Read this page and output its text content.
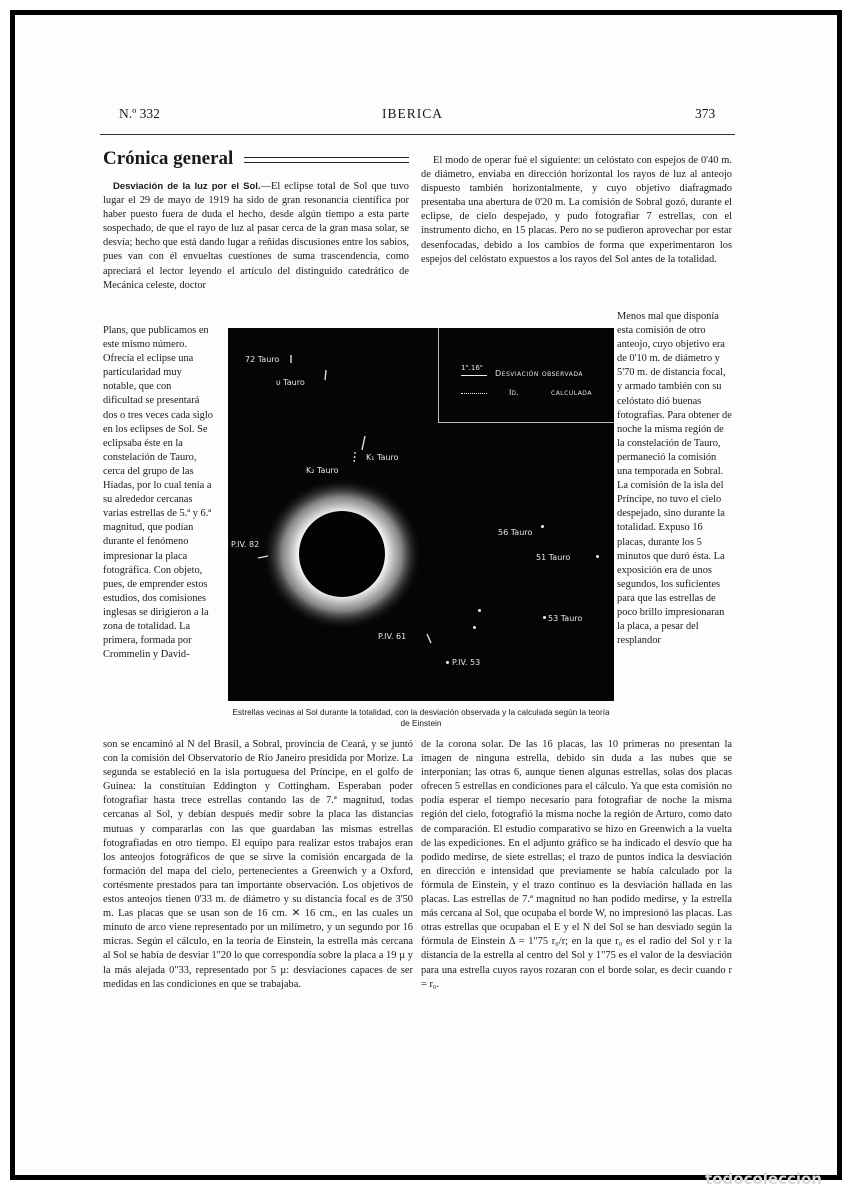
N.º 332	IBERICA	373
Crónica general

Desviación de la luz por el Sol.—El eclipse total de Sol que tuvo lugar el 29 de mayo de 1919 ha sido de gran resonancia científica por haber puesto fuera de duda el hecho, desde algún tiempo a esta parte sospechado, de que el rayo de luz al pasar cerca de la gran masa solar, se desvía; hecho que está dando lugar a reñidas discusiones entre los sabios, pues van con él envueltas cuestiones de suma trascendencia, como apreciará el lector leyendo el artículo del distinguido catedrático de Mecánica celeste, doctor

Plans, que publicamos en este mismo número. Ofrecía el eclipse una particularidad muy notable, que con dificultad se presentará dos o tres veces cada siglo en los eclipses de Sol. Se eclipsaba éste en la constelación de Tauro, cerca del grupo de las Híadas, por lo cual tenía a su alrededor cercanas varias estrellas de 5.ª y 6.ª magnitud, que podían durante el fenómeno impresionar la placa fotográfica. Con objeto, pues, de emprender estos estudios, dos comisiones inglesas se dirigieron a la zona de totalidad. La primera, formada por Crommelin y David-

son se encaminó al N del Brasil, a Sobral, provincia de Ceará, y se juntó con la comisión del Observatorio de Río Janeiro presidida por Morize. La segunda se estableció en la isla portuguesa del Príncipe, en el golfo de Guinea: la constituían Eddington y Cottingham. Esperaban poder fotografiar hasta trece estrellas contando las de 7.ª magnitud, todas cercanas al Sol, y debían después medir sobre la placa las distancias mutuas y compararlas con las que guardaban las mismas estrellas fotografiadas en otro tiempo. El equipo para realizar estos trabajos eran los anteojos fotográficos de que se sirve la comisión encargada de la formación del mapa del cielo, pertenecientes a Greenwich y a Oxford, cortésmente prestados para tan importante observación. Los objetivos de estos anteojos tienen 0'33 m. de diámetro y su distancia focal es de 3'50 m. Las placas que se usan son de 16 cm. ✕ 16 cm., en las cuales un minuto de arco viene representado por un milímetro, y un segundo por 16 micras. Según el cálculo, en la teoría de Einstein, la estrella más cercana al Sol se había de desviar 1"20 lo que correspondía sobre la placa a 19 µ y la más alejada 0"33, representado por 5 µ: desviaciones capaces de ser medidas en las condiciones en que se trabajaba.

El modo de operar fué el siguiente: un celóstato con espejos de 0'40 m. de diámetro, enviaba en dirección horizontal los rayos de luz al anteojo dispuesto también horizontalmente, y cuyo objetivo diafragmado presentaba una abertura de 0'20 m. La comisión de Sobral gozó, durante el eclipse, de cielo despejado, y pudo fotografiar 7 estrellas, con el instrumento dicho, en 15 placas. Pero no se pudieron aprovechar por estar desenfocadas, debido a los cambios de forma que experimentaron los espejos del celóstato expuestos a los rayos del Sol antes de la totalidad.

Menos mal que disponía esta comisión de otro anteojo, cuyo objetivo era de 0'10 m. de diámetro y 5'70 m. de distancia focal, y armado también con su celóstato dió buenas fotografías. Para obtener de noche la misma región de la constelación de Tauro, permaneció la comisión una temporada en Sobral. La comisión de la isla del Príncipe, no tuvo el cielo despejado, sino durante la totalidad. Expuso 16 placas, durante los 5 minutos que duró ésta. La exposición era de unos segundos, los suficientes para que las estrellas de poco brillo impresionaran la placa, a pesar del resplandor

de la corona solar. De las 16 placas, las 10 primeras no presentan la imagen de ninguna estrella, debido sin duda a las nubes que se interponían; las otras 6, aunque tienen algunas estrellas, solas dos placas ofrecen 5 estrellas en condiciones para el cálculo. Ya que esta comisión no podía esperar el tiempo necesario para fotografiar de noche la misma región del cielo, fotografió la misma noche la región de Arturo, como dato de comparación. El estudio comparativo se hizo en Greenwich a la vuelta de las expediciones. En el adjunto gráfico se ha indicado el desvío que ha podido medirse, de siete estrellas; el trazo de puntos indica la desviación en dirección e intensidad que previamente se había calculado por la fórmula de Einstein, y el trazo continuo es la desviación hallada en las placas. Las estrellas de 7.ª magnitud no han podido medirse, y la estrella más cercana al Sol, que ocupaba el borde W, no impresionó las placas. Las otras estrellas que ocupaban el E y el N del Sol se han desviado según la fórmula de Einstein Δ = 1"75 r₀/r; en la que r₀ es el radio del Sol y r la distancia de la estrella al centro del Sol y 1"75 es el valor de la desviación para una estrella cuyos rayos rozaran con el borde solar, es decir cuando r = r₀.

1".16"
Desviación observada
Id.	calculada
72 Tauro
υ Tauro
K₁ Tauro
K₂ Tauro
P.IV. 82
56 Tauro
51 Tauro
53 Tauro
P.IV. 61
P.IV. 53
Estrellas vecinas al Sol durante la totalidad, con la desviación observada y la calculada según la teoría de Einstein
todocoleccion
